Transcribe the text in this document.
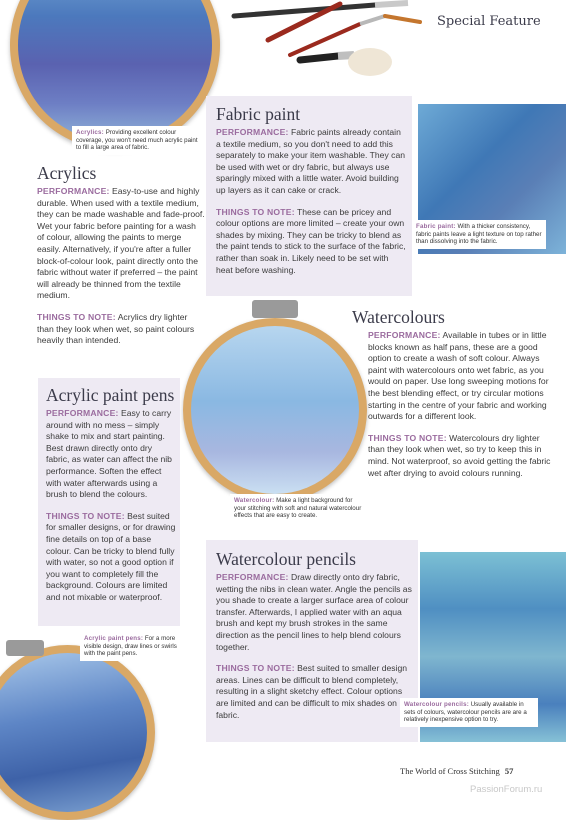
Special Feature
Fabric paint

PERFORMANCE: Fabric paints already contain a textile medium, so you don't need to add this separately to make your item washable. They can be used with wet or dry fabric, but always use sparingly mixed with a little water. Avoid building up layers as it can cake or crack.

THINGS TO NOTE: These can be pricey and colour options are more limited – create your own shades by mixing. They can be tricky to blend as the paint tends to stick to the surface of the fabric, rather than soak in. Likely need to be set with heat before washing.

Fabric paint: With a thicker consistency, fabric paints leave a light texture on top rather than dissolving into the fabric.
Acrylics: Providing excellent colour coverage, you won't need much acrylic paint to fill a large area of fabric.
Acrylics

PERFORMANCE: Easy-to-use and highly durable. When used with a textile medium, they can be made washable and fade-proof. Wet your fabric before painting for a wash of colour, allowing the paints to merge easily. Alternatively, if you're after a fuller block-of-colour look, paint directly onto the fabric without water if preferred – the paint will already be thinned from the textile medium.

THINGS TO NOTE: Acrylics dry lighter than they look when wet, so paint colours heavily than intended.

Watercolours

PERFORMANCE: Available in tubes or in little blocks known as half pans, these are a good option to create a wash of soft colour. Always paint with watercolours onto wet fabric, as you would on paper. Use long sweeping motions for the best blending effect, or try circular motions starting in the centre of your fabric and working outwards for a different look.

THINGS TO NOTE: Watercolours dry lighter than they look when wet, so try to keep this in mind. Not waterproof, so avoid getting the fabric wet after drying to avoid colours running.

Watercolour: Make a light background for your stitching with soft and natural watercolour effects that are easy to create.
Acrylic paint pens

PERFORMANCE: Easy to carry around with no mess – simply shake to mix and start painting. Best drawn directly onto dry fabric, as water can affect the nib performance. Soften the effect with water afterwards using a brush to blend the colours.

THINGS TO NOTE: Best suited for smaller designs, or for drawing fine details on top of a base colour. Can be tricky to blend fully with water, so not a good option if you want to completely fill the background. Colours are limited and not mixable or waterproof.

Acrylic paint pens: For a more visible design, draw lines or swirls with the paint pens.
Watercolour pencils

PERFORMANCE: Draw directly onto dry fabric, wetting the nibs in clean water. Angle the pencils as you shade to create a larger surface area of colour transfer. Afterwards, I applied water with an aqua brush and kept my brush strokes in the same direction as the pencil lines to help blend colours together.

THINGS TO NOTE: Best suited to smaller design areas. Lines can be difficult to blend completely, resulting in a slight sketchy effect. Colour options are limited and can be difficult to mix shades on fabric.

Watercolour pencils: Usually available in sets of colours, watercolour pencils are are a relatively inexpensive option to try.
The World of Cross Stitching 57
PassionForum.ru
